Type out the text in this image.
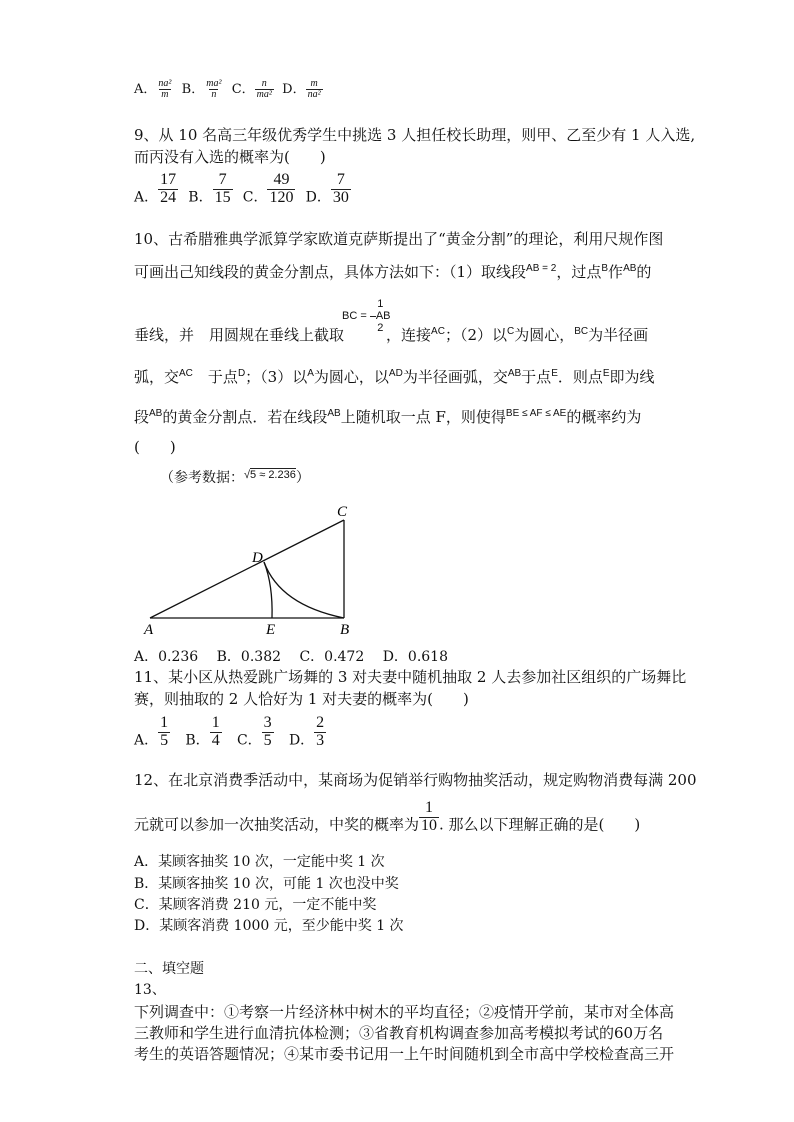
A． $\frac{\text{na²}}{m}$ B． $\frac{\text{ma²}}{n}$ C． $\frac{n}{\text{ma²}}$ D． $\frac{m}{\text{na²}}$
9、从 10 名高三年级优秀学生中挑选 3 人担任校长助理，则甲、乙至少有 1 人入选,
而丙没有入选的概率为(　　)
A． $\frac{17}{24}$ B． $\frac{7}{15}$ C． $\frac{49}{120}$ D． $\frac{7}{30}$
10、古希腊雅典学派算学家欧道克萨斯提出了“黄金分割”的理论，利用尺规作图
可画出己知线段的黄金分割点，具体方法如下：（1）取线段$^{AB = 2}$，过点$^B$作$^{AB}$的
1
BC = AB
2
垂线，并　用圆规在垂线上截取	，连接$^{AC}$；（2）以$^C$为圆心，$^{BC}$为半径画
弧，交$^{AC}$　于点$^D$；（3）以$^A$为圆心，以$^{AD}$为半径画弧，交$^{AB}$于点$^E$．则点$^E$即为线
段$^{AB}$的黄金分割点．若在线段$^{AB}$上随机取一点 F，则使得$^{BE \le AF \le AE}$的概率约为
(　　)
（参考数据：$^{√5 \approx 2.236}$）
A	E	B
C
D
A．0.236　 B．0.382　 C．0.472　 D．0.618
11、某小区从热爱跳广场舞的 3 对夫妻中随机抽取 2 人去参加社区组织的广场舞比
赛，则抽取的 2 人恰好为 1 对夫妻的概率为(　　)
A． $\frac{1}{5}$ B． $\frac{1}{4}$ C． $\frac{3}{5}$ D． $\frac{2}{3}$
12、在北京消费季活动中，某商场为促销举行购物抽奖活动，规定购物消费每满 200
元就可以参加一次抽奖活动，中奖的概率为 $\frac{1}{10}$ . 那么以下理解正确的是(　　)
A．某顾客抽奖 10 次，一定能中奖 1 次
B．某顾客抽奖 10 次，可能 1 次也没中奖
C．某顾客消费 210 元，一定不能中奖
D．某顾客消费 1000 元，至少能中奖 1 次
二、填空题
13、
下列调查中：①考察一片经济林中树木的平均直径；②疫情开学前，某市对全体高
三教师和学生进行血清抗体检测；③省教育机构调查参加高考模拟考试的60万名
考生的英语答题情况；④某市委书记用一上午时间随机到全市高中学校检查高三开
